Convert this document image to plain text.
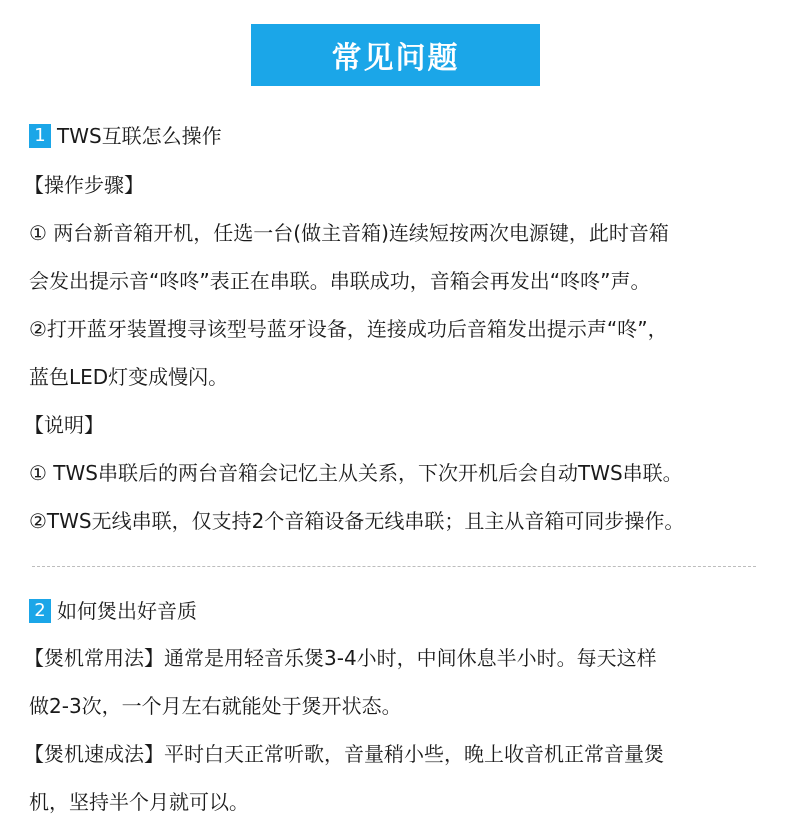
常见问题
1 TWS互联怎么操作
【操作步骤】
① 两台新音箱开机，任选一台(做主音箱)连续短按两次电源键，此时音箱
会发出提示音“咚咚”表正在串联。串联成功，音箱会再发出“咚咚”声。
②打开蓝牙装置搜寻该型号蓝牙设备，连接成功后音箱发出提示声“咚”，
蓝色LED灯变成慢闪。
【说明】
① TWS串联后的两台音箱会记忆主从关系，下次开机后会自动TWS串联。
②TWS无线串联，仅支持2个音箱设备无线串联；且主从音箱可同步操作。
2 如何煲出好音质
【煲机常用法】通常是用轻音乐煲3-4小时，中间休息半小时。每天这样
做2-3次，一个月左右就能处于煲开状态。
【煲机速成法】平时白天正常听歌，音量稍小些，晚上收音机正常音量煲
机，坚持半个月就可以。
